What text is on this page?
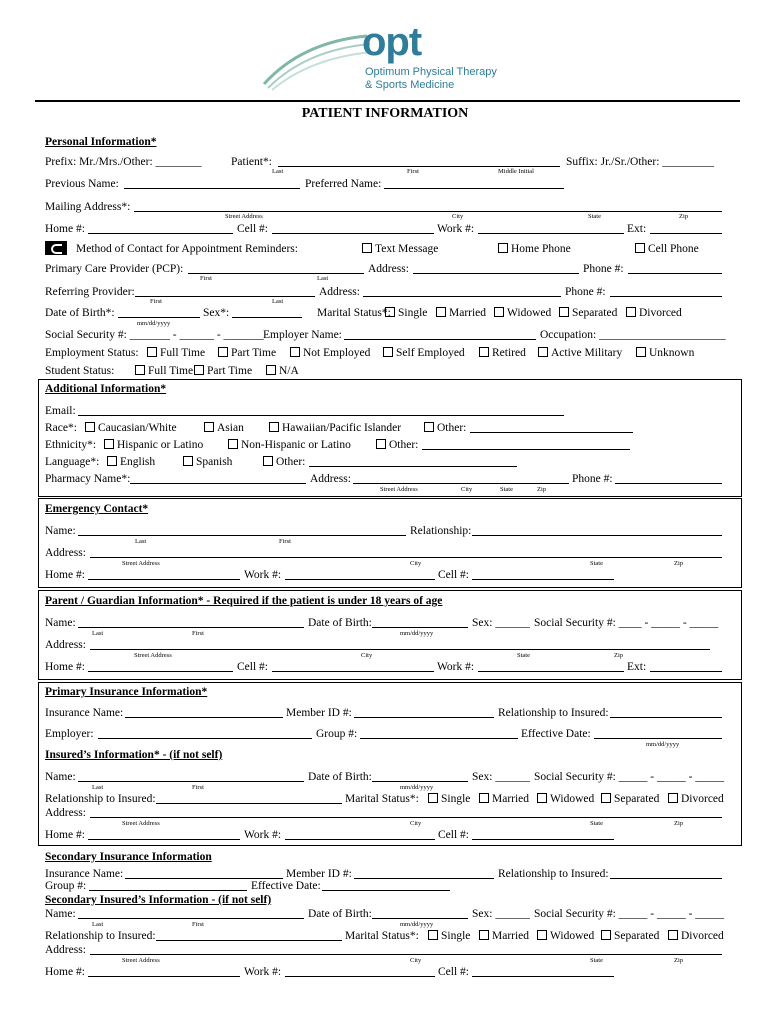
opt
Optimum Physical Therapy
& Sports Medicine
PATIENT INFORMATION
Personal Information*
Prefix: Mr./Mrs./Other: ________	Patient*:	Suffix: Jr./Sr./Other: _________
Last	First	Middle Initial
Previous Name:	Preferred Name:
Mailing Address*:
Street Address	City	State	Zip
Home #:	Cell #:	Work #:	Ext:
Method of Contact for Appointment Reminders:	Text Message	Home Phone	Cell Phone
Primary Care Provider (PCP):	Address:	Phone #:
First	Last
Referring Provider:	Address:	Phone #:
First	Last
Date of Birth*:	Sex*:	Marital Status*: Single	Married	Widowed	Separated	Divorced
mm/dd/yyyy
Social Security #: _______ - ______ - _______ Employer Name:	Occupation: ______________________
Employment Status:	Full Time	Part Time	Not Employed	Self Employed	Retired	Active Military	Unknown
Student Status:	Full Time	Part Time	N/A
Additional Information*
Email:
Race*:	Caucasian/White	Asian	Hawaiian/Pacific Islander	Other:
Ethnicity*:	Hispanic or Latino	Non-Hispanic or Latino	Other:
Language*:	English	Spanish	Other:
Pharmacy Name*:	Address:	Phone #:
Street Address	City	State	Zip
Emergency Contact*
Name:	Relationship:
Last	First
Address:
Street Address	City	State	Zip
Home #:	Work #:	Cell #:
Parent / Guardian Information* - Required if the patient is under 18 years of age
Name:	Date of Birth:	Sex: ______ Social Security #: ____ - _____ - _____
Last	First	mm/dd/yyyy
Address:
Street Address	City	State	Zip
Home #:	Cell #:	Work #:	Ext:
Primary Insurance Information*
Insurance Name:	Member ID #:	Relationship to Insured:
Employer:	Group #:	Effective Date:
mm/dd/yyyy
Insured’s Information* - (if not self)
Name:	Date of Birth:	Sex: ______ Social Security #: _____ - _____ - _____
Last	First	mm/dd/yyyy
Relationship to Insured:	Marital Status*:	Single	Married	Widowed	Separated	Divorced
Address:
Street Address	City	State	Zip
Home #:	Work #:	Cell #:
Secondary Insurance Information
Insurance Name:	Member ID #:	Relationship to Insured:
Group #:	Effective Date:
Secondary Insured’s Information - (if not self)
Name:	Date of Birth:	Sex: ______ Social Security #: _____ - _____ - _____
Last	First	mm/dd/yyyy
Relationship to Insured:	Marital Status*:	Single	Married	Widowed	Separated	Divorced
Address:
Street Address	City	State	Zip
Home #:	Work #:	Cell #:
